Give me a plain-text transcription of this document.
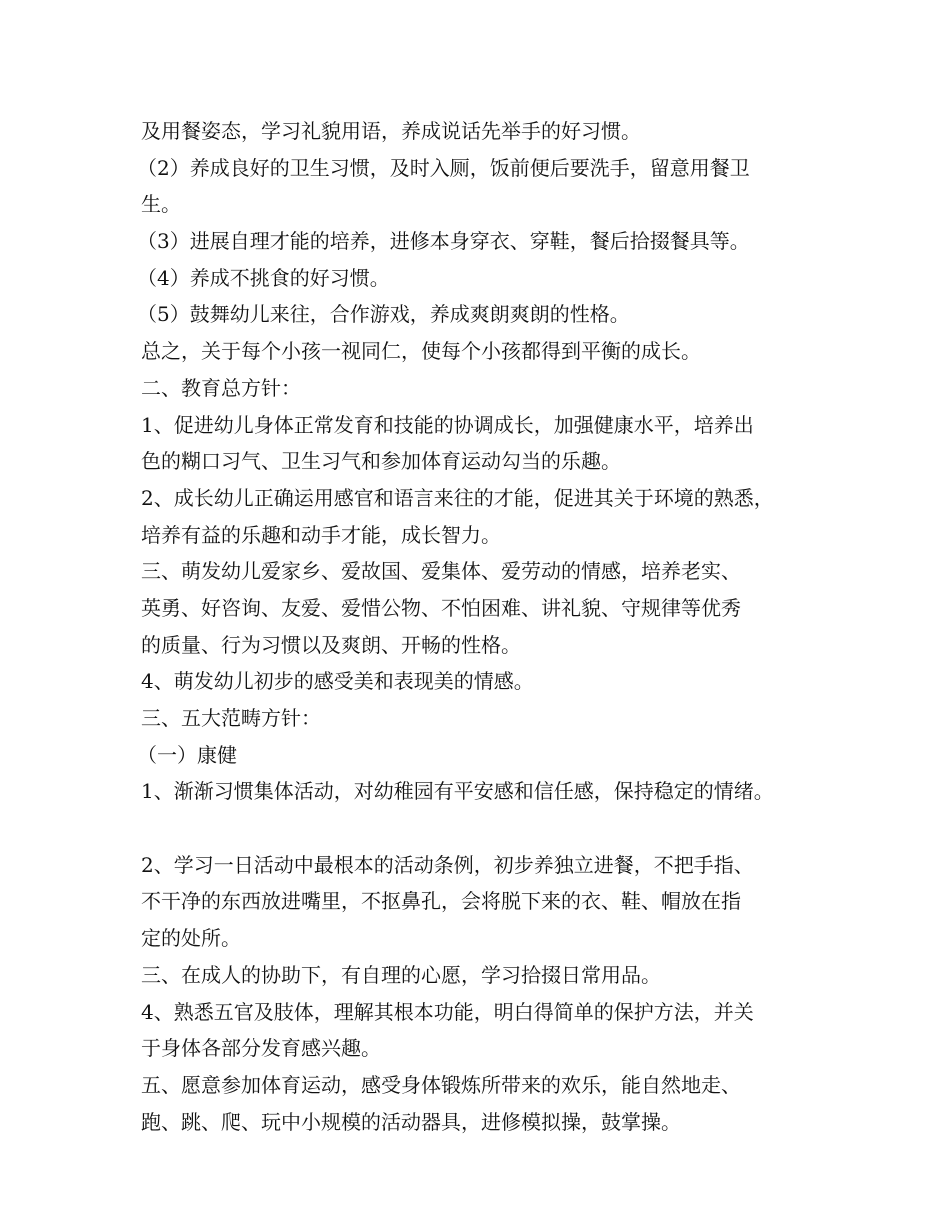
及用餐姿态，学习礼貌用语，养成说话先举手的好习惯。
（2）养成良好的卫生习惯，及时入厕，饭前便后要洗手，留意用餐卫
生。
（3）进展自理才能的培养，进修本身穿衣、穿鞋，餐后拾掇餐具等。
（4）养成不挑食的好习惯。
（5）鼓舞幼儿来往，合作游戏，养成爽朗爽朗的性格。
总之，关于每个小孩一视同仁，使每个小孩都得到平衡的成长。
二、教育总方针：
1、促进幼儿身体正常发育和技能的协调成长，加强健康水平，培养出
色的糊口习气、卫生习气和参加体育运动勾当的乐趣。
2、成长幼儿正确运用感官和语言来往的才能，促进其关于环境的熟悉，
培养有益的乐趣和动手才能，成长智力。
三、萌发幼儿爱家乡、爱故国、爱集体、爱劳动的情感，培养老实、
英勇、好咨询、友爱、爱惜公物、不怕困难、讲礼貌、守规律等优秀
的质量、行为习惯以及爽朗、开畅的性格。
4、萌发幼儿初步的感受美和表现美的情感。
三、五大范畴方针：
（一）康健
1、渐渐习惯集体活动，对幼稚园有平安感和信任感，保持稳定的情绪。
2、学习一日活动中最根本的活动条例，初步养独立进餐，不把手指、
不干净的东西放进嘴里，不抠鼻孔，会将脱下来的衣、鞋、帽放在指
定的处所。
三、在成人的协助下，有自理的心愿，学习拾掇日常用品。
4、熟悉五官及肢体，理解其根本功能，明白得简单的保护方法，并关
于身体各部分发育感兴趣。
五、愿意参加体育运动，感受身体锻炼所带来的欢乐，能自然地走、
跑、跳、爬、玩中小规模的活动器具，进修模拟操，鼓掌操。
